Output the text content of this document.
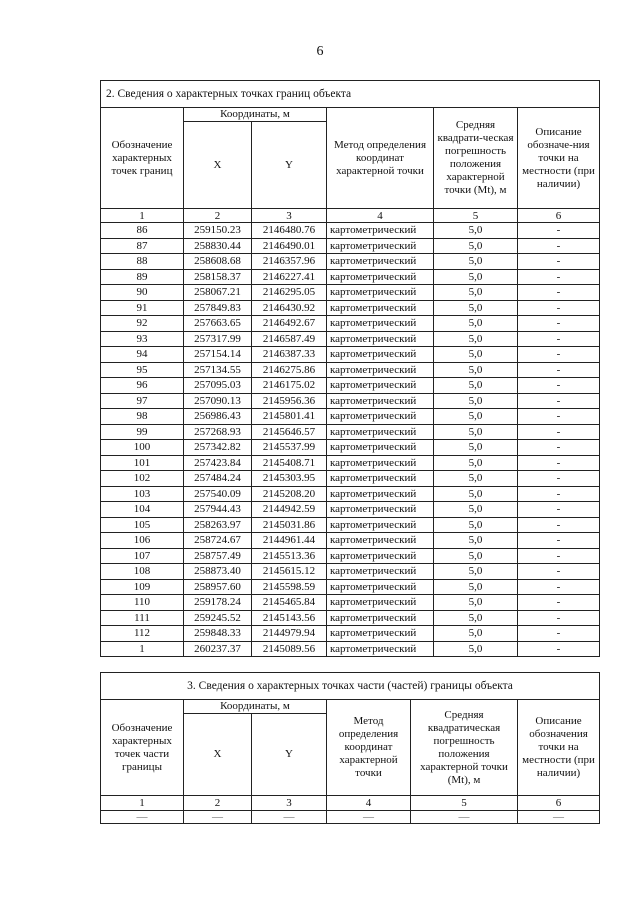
6
2. Сведения о характерных точках границ объекта					
Обозначение характерных точек границ	Координаты, м		Метод определения координат характерной точки	Средняя квадрати-ческая погрешность положения характерной точки (Мt), м	Описание обозначе-ния точки на местности (при наличии)
	X	Y			
1	2	3	4	5	6
86	259150.23	2146480.76	картометрический	5,0	-
87	258830.44	2146490.01	картометрический	5,0	-
88	258608.68	2146357.96	картометрический	5,0	-
89	258158.37	2146227.41	картометрический	5,0	-
90	258067.21	2146295.05	картометрический	5,0	-
91	257849.83	2146430.92	картометрический	5,0	-
92	257663.65	2146492.67	картометрический	5,0	-
93	257317.99	2146587.49	картометрический	5,0	-
94	257154.14	2146387.33	картометрический	5,0	-
95	257134.55	2146275.86	картометрический	5,0	-
96	257095.03	2146175.02	картометрический	5,0	-
97	257090.13	2145956.36	картометрический	5,0	-
98	256986.43	2145801.41	картометрический	5,0	-
99	257268.93	2145646.57	картометрический	5,0	-
100	257342.82	2145537.99	картометрический	5,0	-
101	257423.84	2145408.71	картометрический	5,0	-
102	257484.24	2145303.95	картометрический	5,0	-
103	257540.09	2145208.20	картометрический	5,0	-
104	257944.43	2144942.59	картометрический	5,0	-
105	258263.97	2145031.86	картометрический	5,0	-
106	258724.67	2144961.44	картометрический	5,0	-
107	258757.49	2145513.36	картометрический	5,0	-
108	258873.40	2145615.12	картометрический	5,0	-
109	258957.60	2145598.59	картометрический	5,0	-
110	259178.24	2145465.84	картометрический	5,0	-
111	259245.52	2145143.56	картометрический	5,0	-
112	259848.33	2144979.94	картометрический	5,0	-
1	260237.37	2145089.56	картометрический	5,0	-
3. Сведения о характерных точках части (частей) границы объекта					
Обозначение характерных точек части границы	Координаты, м		Метод определения координат характерной точки	Средняя квадратическая погрешность положения характерной точки (Мt), м	Описание обозначения точки на местности (при наличии)
	X	Y			
1	2	3	4	5	6
—	—	—	—	—	—
